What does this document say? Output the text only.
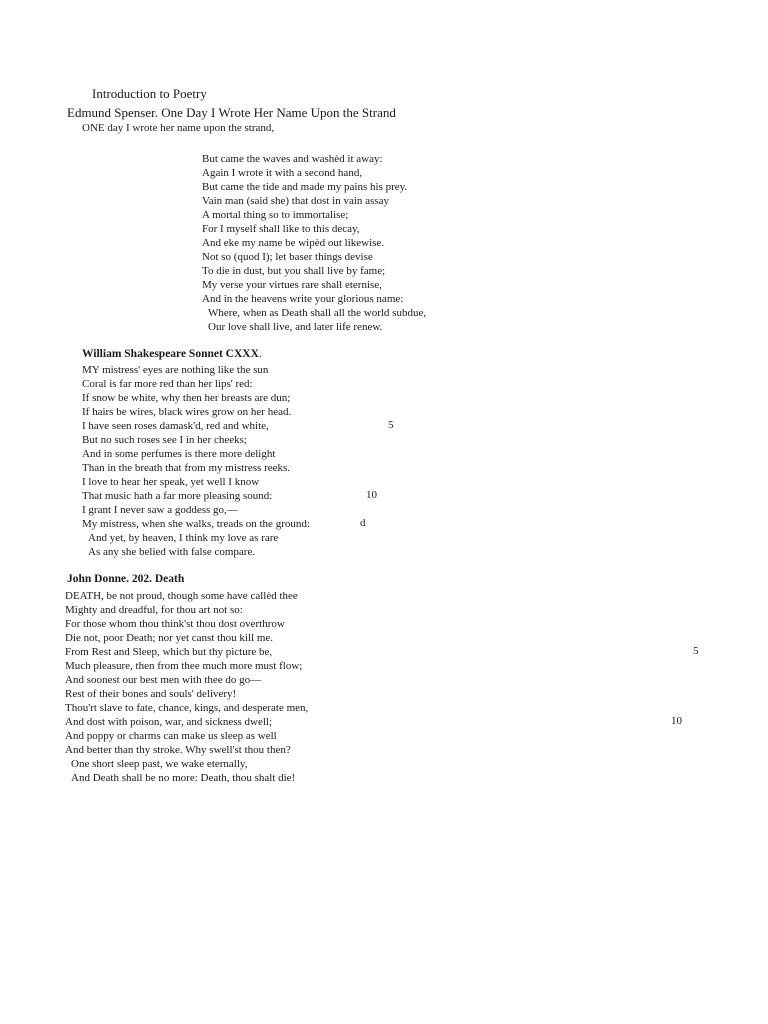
Introduction to Poetry
Edmund Spenser. One Day I Wrote Her Name Upon the Strand
ONE day I wrote her name upon the strand,
But came the waves and washèd it away:
Again I wrote it with a second hand,
But came the tide and made my pains his prey.
Vain man (said she) that dost in vain assay
A mortal thing so to immortalise;
For I myself shall like to this decay,
And eke my name be wipèd out likewise.
Not so (quod I); let baser things devise
To die in dust, but you shall live by fame;
My verse your virtues rare shall eternise,
And in the heavens write your glorious name:
Where, when as Death shall all the world subdue,
Our love shall live, and later life renew.
William Shakespeare Sonnet CXXX.
MY mistress' eyes are nothing like the sun
Coral is far more red than her lips' red:
If snow be white, why then her breasts are dun;
If hairs be wires, black wires grow on her head.
I have seen roses damask'd, red and white,
But no such roses see I in her cheeks;
And in some perfumes is there more delight
Than in the breath that from my mistress reeks.
I love to hear her speak, yet well I know
That music hath a far more pleasing sound:
I grant I never saw a goddess go,—
My mistress, when she walks, treads on the ground:
And yet, by heaven, I think my love as rare
As any she belied with false compare.
5
10
d
John Donne. 202. Death
DEATH, be not proud, though some have callèd thee
Mighty and dreadful, for thou art not so:
For those whom thou think'st thou dost overthrow
Die not, poor Death; nor yet canst thou kill me.
From Rest and Sleep, which but thy picture be,
Much pleasure, then from thee much more must flow;
And soonest our best men with thee do go—
Rest of their bones and souls' delivery!
Thou'rt slave to fate, chance, kings, and desperate men,
And dost with poison, war, and sickness dwell;
And poppy or charms can make us sleep as well
And better than thy stroke. Why swell'st thou then?
One short sleep past, we wake eternally,
And Death shall be no more: Death, thou shalt die!
5
10
